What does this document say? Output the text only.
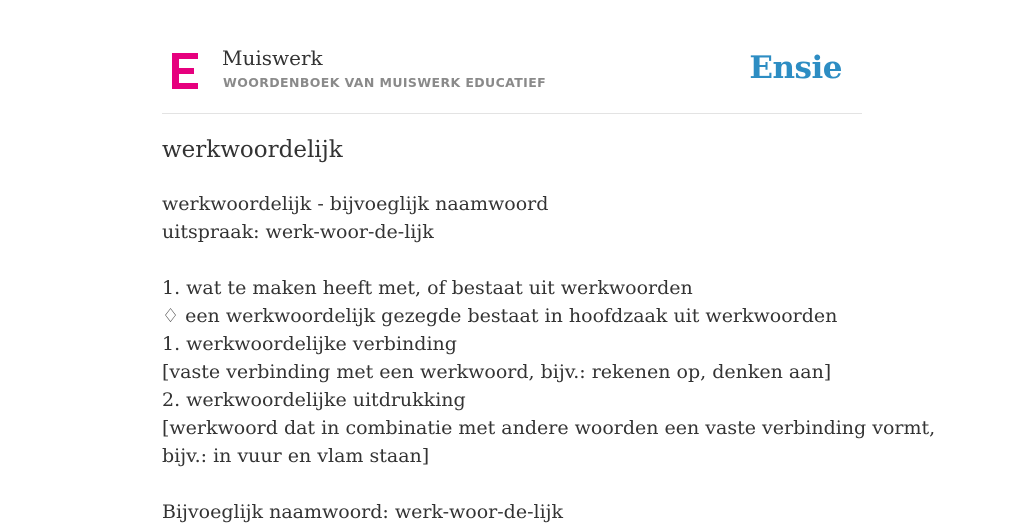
Muiswerk
WOORDENBOEK VAN MUISWERK EDUCATIEF	Ensie
werkwoordelijk
werkwoordelijk - bijvoeglijk naamwoord
uitspraak: werk-woor-de-lijk
1. wat te maken heeft met, of bestaat uit werkwoorden
♢ een werkwoordelijk gezegde bestaat in hoofdzaak uit werkwoorden
1. werkwoordelijke verbinding
[vaste verbinding met een werkwoord, bijv.: rekenen op, denken aan]
2. werkwoordelijke uitdrukking
[werkwoord dat in combinatie met andere woorden een vaste verbinding vormt,
bijv.: in vuur en vlam staan]
Bijvoeglijk naamwoord: werk-woor-de-lijk
